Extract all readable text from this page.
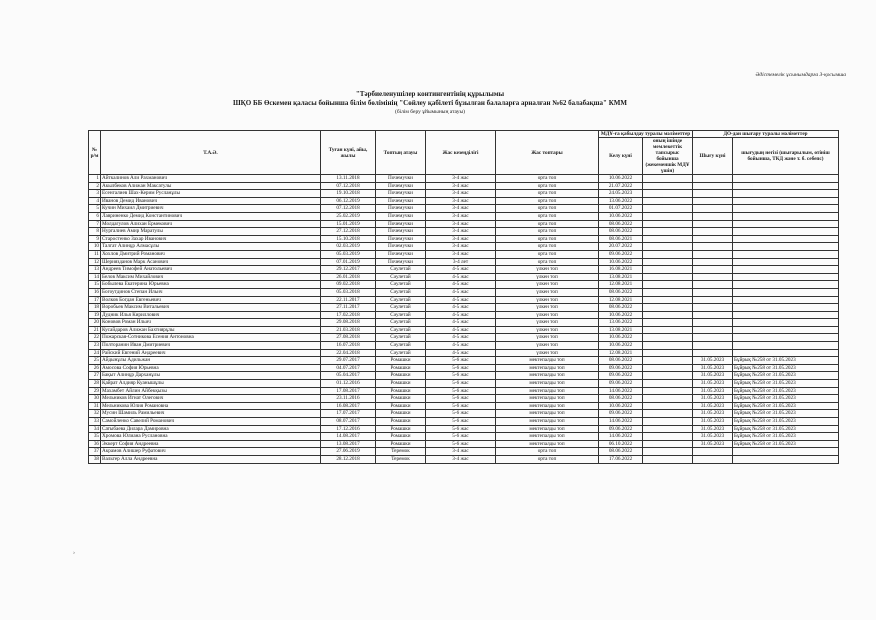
Әдістемелік ұсынымдарға 3-қосымша
"Тәрбиеленушілер контингентінің құрылымы
ШҚО ББ Өскемен қаласы бойынша білім бөлімінің "Сөйлеу қабілеті бұзылған балаларға арналған №62 балабақша" КММ
(білім беру ұйымының атауы)
№ р/м	Т.А.Ә.	Туған күні, айы, жылы	Топтың атауы	Жас кезеңділігі	Жас топтары	МДҰ-ға қабылдау туралы мәліметтер		ДО-дан шығару туралы мәліметтер	
						Келу күні	оның ішінде мемлекеттік тапсырыс бойынша (жекеменшік МДҰ үшін)	Шығу күні	шығудың негізі (шығарылым, өтініш бойынша, ТКД және т. б. себепс)
1	Айткалинов Али Рахманович	13.11.2018	Почемучки	3-4 жас	орта топ	10.06.2022			
2	Акылбеков Алижан Максатулы	07.12.2018	Почемучки	3-4 жас	орта топ	21.07.2022			
3	Есенгалиев Шах-Керим Русланұлы	19.10.2018	Почемучки	3-4 жас	орта топ	24.05.2023			
4	Иванов Демид Иванович	06.12.2019	Почемучки	3-4 жас	орта топ	13.06.2022			
5	Кучин Михаил Дмитриевич	07.12.2018	Почемучки	3-4 жас	орта топ	01.07.2022			
6	Лавриненко Демид Константинович	25.02.2019	Почемучки	3-4 жас	орта топ	10.06.2022			
7	Молдагулов Алихан Ермекович	15.01.2019	Почемучки	3-4 жас	орта топ	08.06.2022			
8	Нургалиев Амир Маратулы	27.12.2018	Почемучки	3-4 жас	орта топ	08.06.2022			
9	Старостенко Захар Иванович	15.10.2018	Почемучки	3-4 жас	орта топ	08.06.2021			
10	Талгат Алинұр Алмасұлы	02.03.2019	Почемучки	3-4 жас	орта топ	20.07.2022			
11	Хохлов Дмитрий Романович	05.03.2019	Почемучки	3-4 жас	орта топ	09.06.2022			
12	Шериязданов Марк Асанович	07.01.2019	Почемучки	3-4 лет	орта топ	10.06.2022			
13	Андреев Тимофей Анатольевич	29.12.2017	Сәулетай	4-5 жас	үлкен топ	16.08.2021			
14	Белов Максим Михайлович	26.01.2018	Сәулетай	4-5 жас	үлкен топ	13.08.2021			
15	Бобылева Екатерина Юрьевна	09.02.2018	Сәулетай	4-5 жас	үлкен топ	12.08.2021			
16	Богоутдинов Степан Ильич	05.03.2018	Сәулетай	4-5 жас	үлкен топ	08.06.2022			
17	Волков Богдан Евгеньевич	22.11.2017	Сәулетай	4-5 жас	үлкен топ	12.08.2021			
18	Воробьев Максим Витальевич	27.11.2017	Сәулетай	4-5 жас	үлкен топ	08.06.2022			
19	Дудник Илья Кириллович	17.02.2018	Сәулетай	4-5 жас	үлкен топ	10.06.2022			
20	Коновов Роман Ильич	29.08.2018	Сәулетай	4-5 жас	үлкен топ	13.06.2022			
21	Кусайдаров Алижан Бахтиярұлы	21.03.2018	Сәулетай	4-5 жас	үлкен топ	13.08.2021			
22	Пожарская-Сотникова Есения Антоновна	27.08.2018	Сәулетай	4-5 жас	үлкен топ	10.06.2022			
23	Полторанин Иван Дмитриевич	16.07.2018	Сәулетай	4-5 жас	үлкен топ	10.06.2022			
24	Райский Евгений Андреевич	22.04.2018	Сәулетай	4-5 жас	үлкен топ	12.08.2021			
25	Айдынұлы Адильжан	29.07.2017	Ромашки	5-6 жас	мектепалды топ	08.06.2022		31.05.2023	Бұйрық №258 от 31.05.2023
26	Амосова София Юрьевна	04.07.2017	Ромашки	5-6 жас	мектепалды топ	09.06.2022		31.05.2023	Бұйрық №258 от 31.05.2023
27	Бақыт Алинұр Дарханұлы	05.04.2017	Ромашки	5-6 жас	мектепалды топ	09.06.2022		31.05.2023	Бұйрық №258 от 31.05.2023
28	Қайрат Алдияр Куанышұлы	01.12.2016	Ромашки	5-6 жас	мектепалды топ	09.06.2022		31.05.2023	Бұйрық №258 от 31.05.2023
29	Махамбет Айлин Айбекқызы	17.08.2017	Ромашки	5-6 жас	мектепалды топ	14.06.2022		31.05.2023	Бұйрық №258 от 31.05.2023
30	Мельников Игнат Олегович	23.11.2016	Ромашки	5-6 жас	мектепалды топ	08.06.2022		31.05.2023	Бұйрық №258 от 31.05.2023
31	Мельникова Юлия Романовна	16.08.2017	Ромашки	5-6 жас	мектепалды топ	10.06.2022		31.05.2023	Бұйрық №258 от 31.05.2023
32	Мусин Шамиль Рамильевич	17.07.2017	Ромашки	5-6 жас	мектепалды топ	09.06.2022		31.05.2023	Бұйрық №258 от 31.05.2023
33	Самойленко Савелий Романович	08.07.2017	Ромашки	5-6 жас	мектепалды топ	14.06.2022		31.05.2023	Бұйрық №258 от 31.05.2023
34	Сатыбаева Дилара Дамировна	17.12.2016	Ромашки	5-6 жас	мектепалды топ	09.06.2022		31.05.2023	Бұйрық №258 от 31.05.2023
35	Хромова Юлиана Руслановна	14.08.2017	Ромашки	5-6 жас	мектепалды топ	14.06.2022		31.05.2023	Бұйрық №258 от 31.05.2023
36	Эккерт София Андреевна	13.08.2017	Ромашки	5-6 жас	мектепалды топ	06.10.2022		31.05.2023	Бұйрық №258 от 31.05.2023
37	Акрамов Алишер Руфатович	27.06.2019	Теремок	3-4 жас	орта топ	08.06.2022			
38	Вальтер Алла Андреевна	28.12.2018	Теремок	3-4 жас	орта топ	17.06.2022			
›
